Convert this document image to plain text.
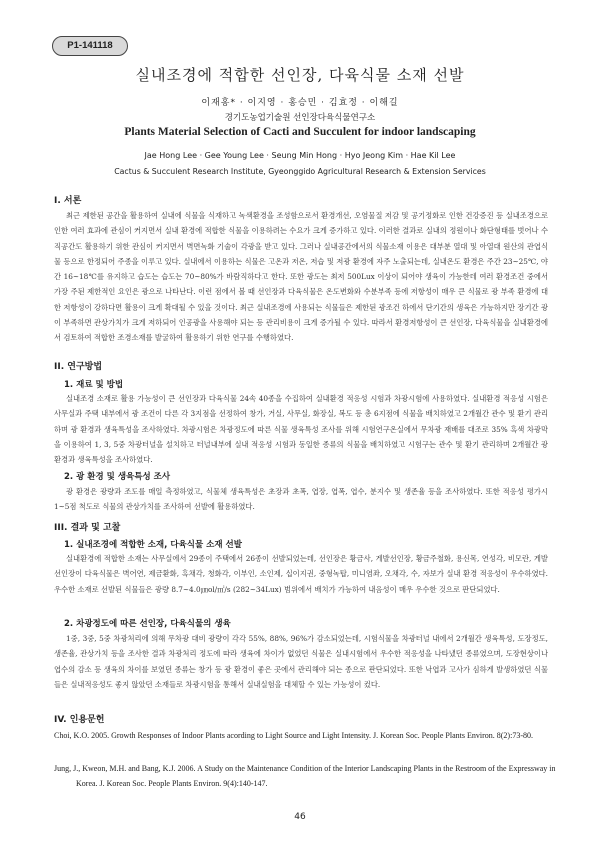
P1-141118
실내조경에 적합한 선인장, 다육식물 소재 선발
이재홍* · 이지영 · 홍승민 · 김효정 · 이해길
경기도농업기술원 선인장다육식물연구소
Plants Material Selection of Cacti and Succulent for indoor landscaping
Jae Hong Lee · Gee Young Lee · Seung Min Hong · Hyo Jeong Kim · Hae Kil Lee
Cactus & Succulent Research Institute, Gyeonggido Agricultural Research & Extension Services
I. 서론
최근 제한된 공간을 활용하여 실내에 식물을 식재하고 녹색환경을 조성함으로서 환경개선, 오염물질 저감 및 공기정화로 인한 건강증진 등 실내조경으로 인한 여러 효과에 관심이 커지면서 실내 환경에 적합한 식물을 이용하려는 수요가 크게 증가하고 있다. 이러한 결과로 실내의 정원이나 화단형태를 벗어나 수직공간도 활용하기 위한 관심이 커지면서 벽면녹화 기술이 각광을 받고 있다. 그러나 실내공간에서의 식물소재 이용은 대부분 열대 및 아열대 원산의 관엽식물 등으로 한정되어 주종을 이루고 있다. 실내에서 이용하는 식물은 고온과 저온, 저습 및 저광 환경에 자주 노출되는데, 실내온도 환경은 주간 23~25℃, 야간 16~18℃를 유지하고 습도는 습도는 70~80%가 바람직하다고 한다. 또한 광도는 최저 500Lux 이상이 되어야 생육이 가능한데 여러 환경조건 중에서 가장 주된 제한적인 요인은 광으로 나타난다. 이런 점에서 볼 때 선인장과 다육식물은 온도변화와 수분부족 등에 저항성이 매우 큰 식물로 광 부족 환경에 대한 저항성이 강하다면 활용이 크게 확대될 수 있을 것이다. 최근 실내조경에 사용되는 식물들은 제한된 광조건 하에서 단기간의 생육은 가능하지만 장기간 광이 부족하면 관상가치가 크게 저하되어 인공광을 사용해야 되는 등 관리비용이 크게 증가될 수 있다. 따라서 환경저항성이 큰 선인장, 다육식물을 실내환경에서 검토하여 적합한 조경소재를 발굴하여 활용하기 위한 연구를 수행하였다.
II. 연구방법
1. 재료 및 방법
실내조경 소재로 활용 가능성이 큰 선인장과 다육식물 24속 40종을 수집하여 실내환경 적응성 시험과 차광시험에 사용하였다. 실내환경 적응성 시험은 사무실과 주택 내부에서 광 조건이 다른 각 3지점을 선정하여 창가, 거실, 사무실, 화장실, 복도 등 총 6지점에 식물을 배치하였고 2개월간 관수 및 환기 관리하며 광 환경과 생육특성을 조사하였다. 차광시험은 차광정도에 따른 식물 생육특성 조사를 위해 시험연구온실에서 무차광 재배를 대조로 35% 흑색 차광막을 이용하여 1, 3, 5중 차광터널을 설치하고 터널내부에 실내 적응성 시험과 동일한 종류의 식물을 배치하였고 시험구는 관수 및 환기 관리하며 2개월간 광 환경과 생육특성을 조사하였다.
2. 광 환경 및 생육특성 조사
광 환경은 광량과 조도를 매일 측정하였고, 식물체 생육특성은 초장과 초폭, 엽장, 엽폭, 엽수, 분지수 및 생존율 등을 조사하였다. 또한 적응성 평가시 1~5점 척도로 식물의 관상가치를 조사하여 선발에 활용하였다.
III. 결과 및 고찰
1. 실내조경에 적합한 소재, 다육식물 소재 선발
실내환경에 적합한 소재는 사무실에서 29종이 주택에서 26종이 선발되었는데, 선인장은 황금사, 게발선인장, 황금주철화, 용신목, 연성각, 비모란, 게발선인장이 다육식물은 벽어연, 제금환화, 흑채각, 청화각, 이부인, 소인제, 십이지권, 중형녹탑, 미니염좌, 오채각, 수, 자보가 실내 환경 적응성이 우수하였다. 우수한 소재로 선발된 식물들은 광량 8.7~4.0㎛ol/㎡/s (282~34Lux) 범위에서 배치가 가능하여 내음성이 매우 우수한 것으로 판단되었다.
2. 차광정도에 따른 선인장, 다육식물의 생육
1중, 3중, 5중 차광처리에 의해 무차광 대비 광량이 각각 55%, 88%, 96%가 감소되었는데, 시험식물을 차광터널 내에서 2개월간 생육특성, 도장정도, 생존율, 관상가치 등을 조사한 결과 차광처리 정도에 따라 생육에 차이가 없었던 식물은 실내시험에서 우수한 적응성을 나타냈던 종류였으며, 도장현상이나 엽수의 감소 등 생육의 차이를 보였던 종류는 창가 등 광 환경이 좋은 곳에서 관리해야 되는 종으로 판단되었다. 또한 낙엽과 고사가 심하게 발생하였던 식물들은 실내적응성도 좋지 않았던 소재들로 차광시험을 통해서 실내실험을 대체할 수 있는 가능성이 컸다.
IV. 인용문헌
Choi, K.O. 2005. Growth Responses of Indoor Plants acording to Light Source and Light Intensity. J. Korean Soc. People Plants Environ. 8(2):73-80.
Jung, J., Kweon, M.H. and Bang, K.J. 2006. A Study on the Maintenance Condition of the Interior Landscaping Plants in the Restroom of the Expressway in Korea. J. Korean Soc. People Plants Environ. 9(4):140-147.
46
